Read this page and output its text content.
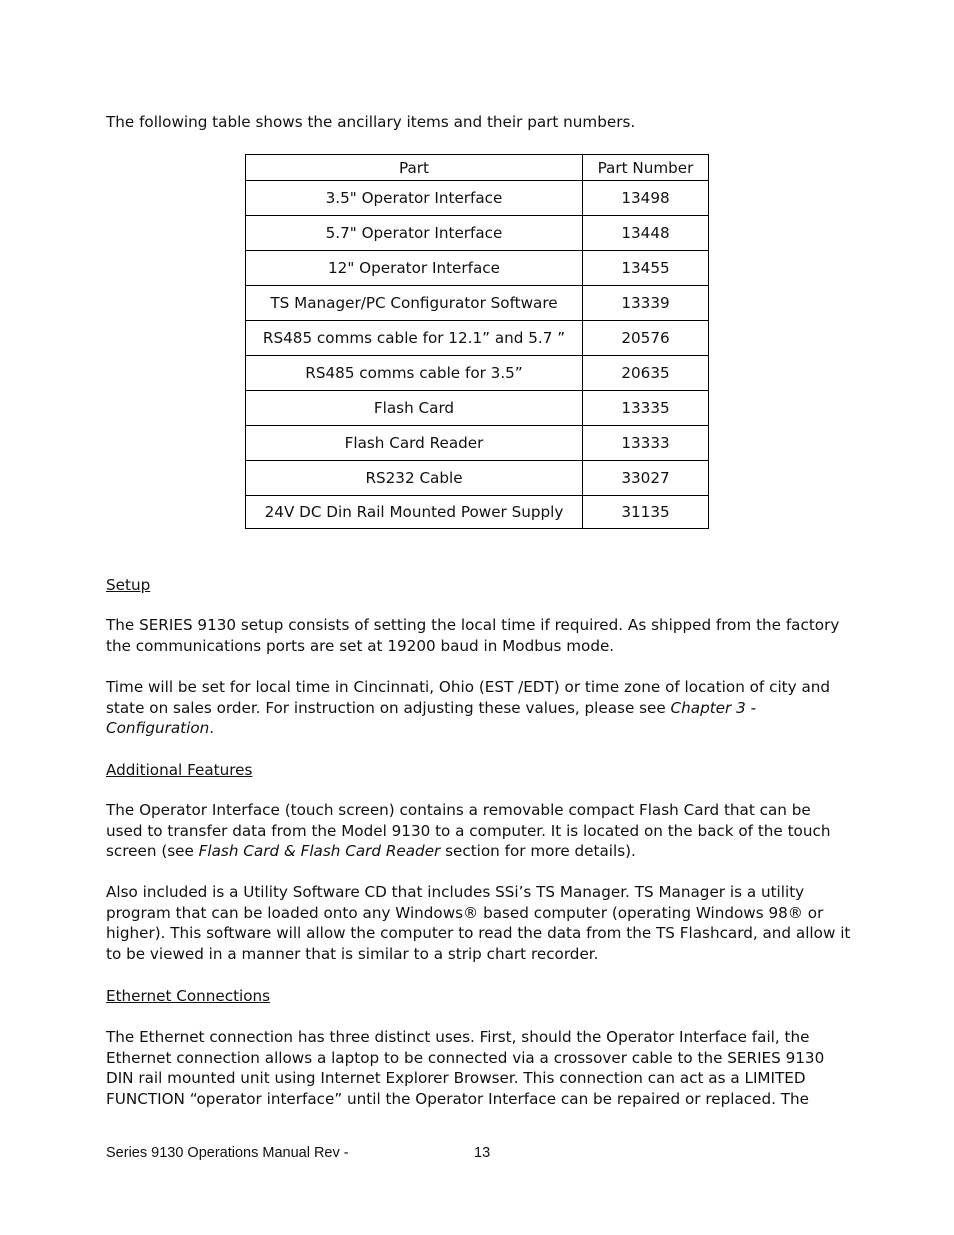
The following table shows the ancillary items and their part numbers.

Part	Part Number
3.5" Operator Interface	13498
5.7" Operator Interface	13448
12" Operator Interface	13455
TS Manager/PC Configurator Software	13339
RS485 comms cable for 12.1” and 5.7 ”	20576
RS485 comms cable for 3.5”	20635
Flash Card	13335
Flash Card Reader	13333
RS232 Cable	33027
24V DC Din Rail Mounted Power Supply	31135

Setup

The SERIES 9130 setup consists of setting the local time if required. As shipped from the factory the communications ports are set at 19200 baud in Modbus mode.

Time will be set for local time in Cincinnati, Ohio (EST /EDT) or time zone of location of city and state on sales order. For instruction on adjusting these values, please see Chapter 3 - Configuration.

Additional Features

The Operator Interface (touch screen) contains a removable compact Flash Card that can be used to transfer data from the Model 9130 to a computer. It is located on the back of the touch screen (see Flash Card & Flash Card Reader section for more details).

Also included is a Utility Software CD that includes SSi’s TS Manager. TS Manager is a utility program that can be loaded onto any Windows® based computer (operating Windows 98® or higher). This software will allow the computer to read the data from the TS Flashcard, and allow it to be viewed in a manner that is similar to a strip chart recorder.

Ethernet Connections

The Ethernet connection has three distinct uses. First, should the Operator Interface fail, the Ethernet connection allows a laptop to be connected via a crossover cable to the SERIES 9130 DIN rail mounted unit using Internet Explorer Browser. This connection can act as a LIMITED FUNCTION “operator interface” until the Operator Interface can be repaired or replaced. The

Series 9130 Operations Manual Rev -	13
